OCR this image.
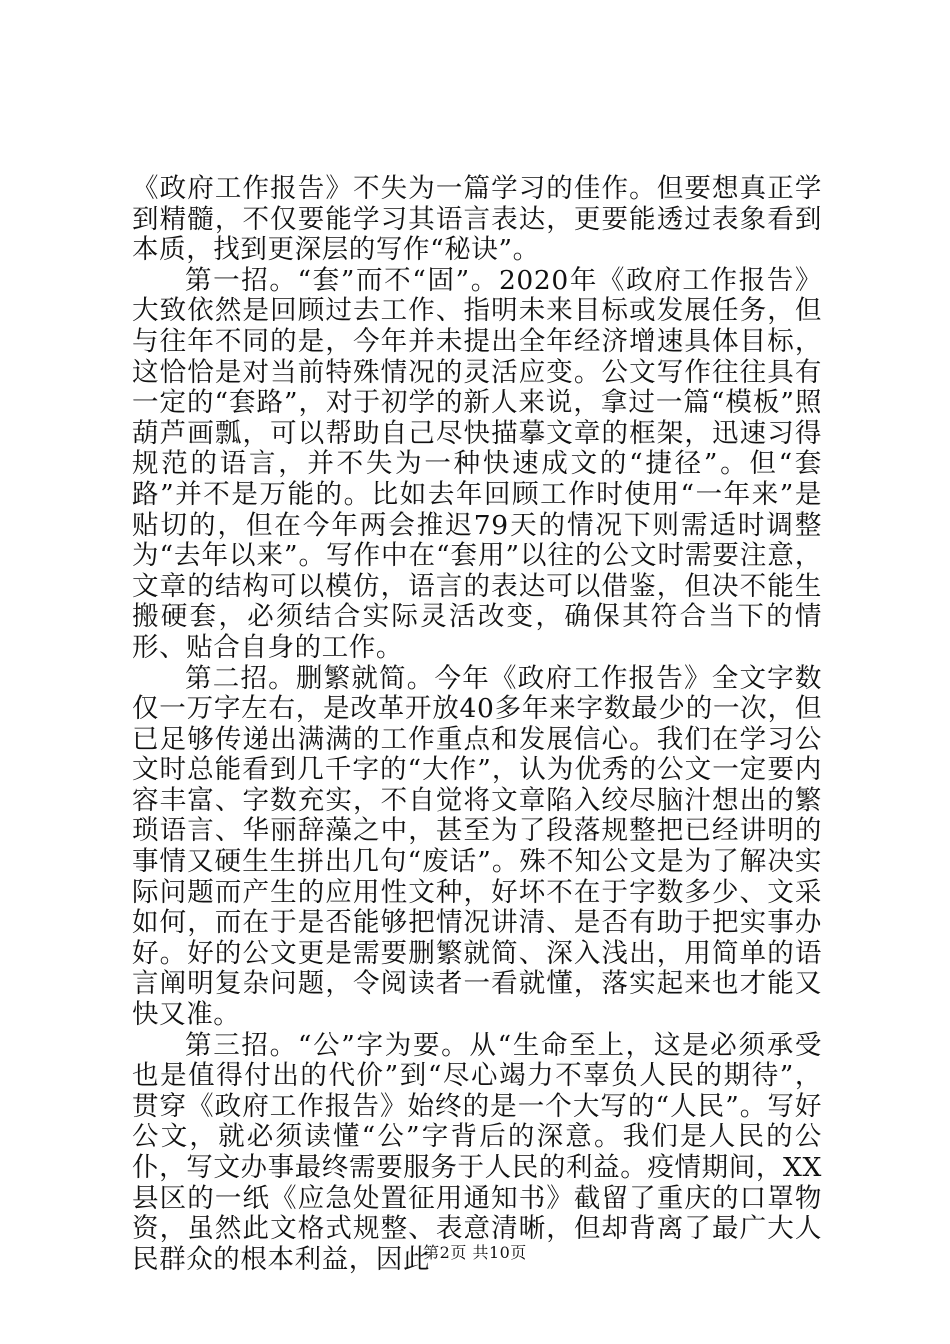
《政府工作报告》不失为一篇学习的佳作。但要想真正学到精髓，不仅要能学习其语言表达，更要能透过表象看到本质，找到更深层的写作“秘诀”。

第一招。“套”而不“固”。2020年《政府工作报告》大致依然是回顾过去工作、指明未来目标或发展任务，但与往年不同的是，今年并未提出全年经济增速具体目标，这恰恰是对当前特殊情况的灵活应变。公文写作往往具有一定的“套路”，对于初学的新人来说，拿过一篇“模板”照葫芦画瓢，可以帮助自己尽快描摹文章的框架，迅速习得规范的语言，并不失为一种快速成文的“捷径”。但“套路”并不是万能的。比如去年回顾工作时使用“一年来”是贴切的，但在今年两会推迟79天的情况下则需适时调整为“去年以来”。写作中在“套用”以往的公文时需要注意，文章的结构可以模仿，语言的表达可以借鉴，但决不能生搬硬套，必须结合实际灵活改变，确保其符合当下的情形、贴合自身的工作。

第二招。删繁就简。今年《政府工作报告》全文字数仅一万字左右，是改革开放40多年来字数最少的一次，但已足够传递出满满的工作重点和发展信心。我们在学习公文时总能看到几千字的“大作”，认为优秀的公文一定要内容丰富、字数充实，不自觉将文章陷入绞尽脑汁想出的繁琐语言、华丽辞藻之中，甚至为了段落规整把已经讲明的事情又硬生生拼出几句“废话”。殊不知公文是为了解决实际问题而产生的应用性文种，好坏不在于字数多少、文采如何，而在于是否能够把情况讲清、是否有助于把实事办好。好的公文更是需要删繁就简、深入浅出，用简单的语言阐明复杂问题，令阅读者一看就懂，落实起来也才能又快又准。

第三招。“公”字为要。从“生命至上，这是必须承受也是值得付出的代价”到“尽心竭力不辜负人民的期待”，贯穿《政府工作报告》始终的是一个大写的“人民”。写好公文，就必须读懂“公”字背后的深意。我们是人民的公仆，写文办事最终需要服务于人民的利益。疫情期间，XX县区的一纸《应急处置征用通知书》截留了重庆的口罩物资，虽然此文格式规整、表意清晰，但却背离了最广大人民群众的根本利益，因此

第2页 共10页
